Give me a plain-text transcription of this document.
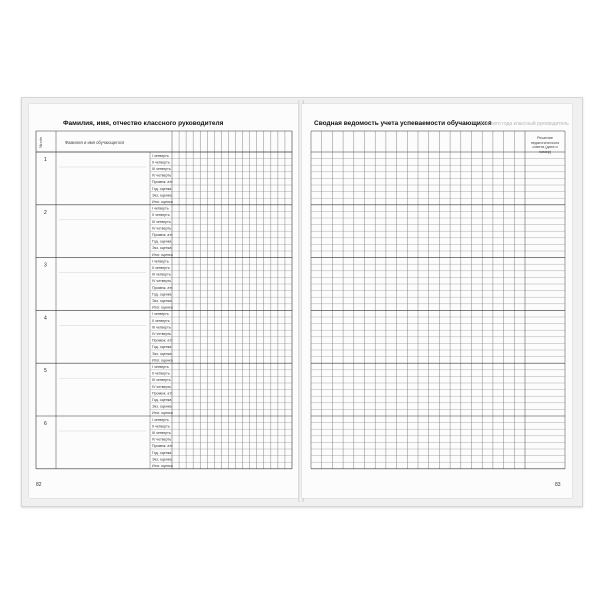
Фамилия, имя, отчество классного руководителя
№ п/п	Фамилия и имя обучающегося
1
I четверть
II четверть
III четверть
IV четверть
Промеж. атт.
Год. оценка
Экз. оценка
Итог. оценка
2
I четверть
II четверть
III четверть
IV четверть
Промеж. атт.
Год. оценка
Экз. оценка
Итог. оценка
3
I четверть
II четверть
III четверть
IV четверть
Промеж. атт.
Год. оценка
Экз. оценка
Итог. оценка
4
I четверть
II четверть
III четверть
IV четверть
Промеж. атт.
Год. оценка
Экз. оценка
Итог. оценка
5
I четверть
II четверть
III четверть
IV четверть
Промеж. атт.
Год. оценка
Экз. оценка
Итог. оценка
6
I четверть
II четверть
III четверть
IV четверть
Промеж. атт.
Год. оценка
Экз. оценка
Итог. оценка
82
Сводная ведомость учета успеваемости обучающихся
учебного года классный руководитель
Решение педагогического совета (дата и номер)
83
